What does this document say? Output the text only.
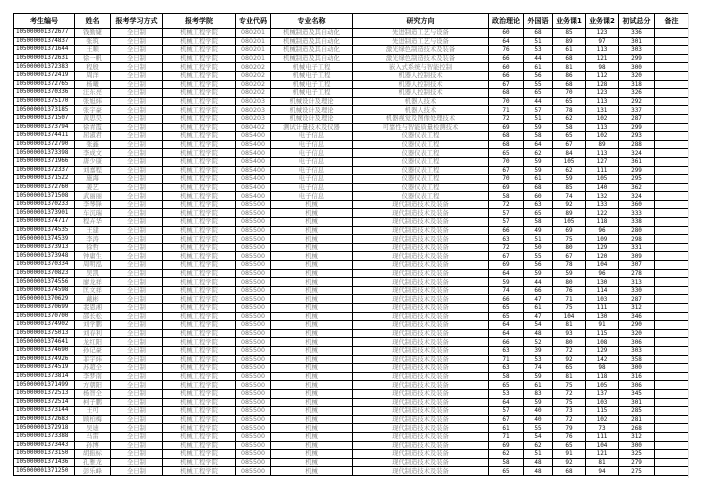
考生编号	姓名	报考学习方式	报考学院	专业代码	专业名称	研究方向	政治理论	外国语	业务课1	业务课2	初试总分	备注
105000001372677	钱勤婕	全日制	机械工程学院	080201	机械制造及其自动化	先进制造工艺与设备	60	68	85	123	336	
105000001374837	张筑	全日制	机械工程学院	080201	机械制造及其自动化	先进制造工艺与设备	64	51	89	97	301	
105000001371644	王顺	全日制	机械工程学院	080201	机械制造及其自动化	激光绿色制造技术及装备	76	53	61	113	303	
105000001372631	徐一帆	全日制	机械工程学院	080201	机械制造及其自动化	激光绿色制造技术及装备	66	44	68	121	299	
105000001372383	程殷	全日制	机械工程学院	080202	机械电子工程	嵌入式系统与智能控制	60	61	81	98	300	
105000001372419	周洋	全日制	机械工程学院	080202	机械电子工程	机器人控制技术	66	56	86	112	320	
105000001372765	杨曦	全日制	机械工程学院	080202	机械电子工程	机器人控制技术	67	55	68	128	318	
105000001370336	汪东亮	全日制	机械工程学院	080202	机械电子工程	机器人控制技术	68	65	70	123	326	
105000001375170	张旭炜	全日制	机械工程学院	080203	机械设计及理论	机器人技术	70	44	65	113	292	
105000001373185	张宇豪	全日制	机械工程学院	080203	机械设计及理论	机器人技术	71	57	78	131	337	
105000001371507	黄思昊	全日制	机械工程学院	080203	机械设计及理论	机器视觉及图像处理技术	72	51	62	102	287	
105000001373794	徐青霞	全日制	机械工程学院	080402	测试计量技术及仪器	可靠性与智能质量检测技术	69	59	58	113	299	
105000001374411	屈淑君	全日制	机械工程学院	085400	电子信息	仪器仪表工程	68	58	65	102	293	
105000001372790	张鑫	全日制	机械工程学院	085400	电子信息	仪器仪表工程	68	64	67	89	288	
105000001373398	李成文	全日制	机械工程学院	085400	电子信息	仪器仪表工程	65	62	84	113	324	
105000001371966	唐少康	全日制	机械工程学院	085400	电子信息	仪器仪表工程	70	59	105	127	361	
105000001372337	刘嘉程	全日制	机械工程学院	085400	电子信息	仪器仪表工程	67	59	62	111	299	
105000001371522	施海	全日制	机械工程学院	085400	电子信息	仪器仪表工程	70	61	59	105	295	
105000001372760	姜艺	全日制	机械工程学院	085400	电子信息	仪器仪表工程	69	68	85	140	362	
105000001371508	武丽丽	全日制	机械工程学院	085400	电子信息	仪器仪表工程	58	60	74	132	324	
105000001370233	李琴锋	全日制	机械工程学院	085500	机械	现代制造技术及装备	72	63	92	133	360	
105000001373901	车沉瑞	全日制	机械工程学院	085500	机械	现代制造技术及装备	57	65	89	122	333	
105000001374717	程卉华	全日制	机械工程学院	085500	机械	现代制造技术及装备	57	58	105	118	338	
105000001374535	王建	全日制	机械工程学院	085500	机械	现代制造技术及装备	66	49	69	96	280	
105000001374539	李涛	全日制	机械工程学院	085500	机械	现代制造技术及装备	63	51	75	109	298	
105000001373913	徐哲	全日制	机械工程学院	085500	机械	现代制造技术及装备	72	50	80	129	331	
105000001373948	钟庸生	全日制	机械工程学院	085500	机械	现代制造技术及装备	67	55	67	120	309	
105000001370334	周明泓	全日制	机械工程学院	085500	机械	现代制造技术及装备	69	56	78	104	307	
105000001370823	吴凯	全日制	机械工程学院	085500	机械	现代制造技术及装备	64	59	59	96	278	
105000001374556	廖龙祥	全日制	机械工程学院	085500	机械	现代制造技术及装备	59	44	80	130	313	
105000001374598	匡文祥	全日制	机械工程学院	085500	机械	现代制造技术及装备	74	66	76	114	330	
105000001370629	戴彬	全日制	机械工程学院	085500	机械	现代制造技术及装备	66	47	71	103	287	
105000001370699	裴恩湘	全日制	机械工程学院	085500	机械	现代制造技术及装备	65	61	75	111	312	
105000001370700	邵长松	全日制	机械工程学院	085500	机械	现代制造技术及装备	65	47	104	130	346	
105000001374902	刘学鹏	全日制	机械工程学院	085500	机械	现代制造技术及装备	64	54	81	91	290	
105000001375013	刘春利	全日制	机械工程学院	085500	机械	现代制造技术及装备	64	48	93	115	320	
105000001374641	龙红阳	全日制	机械工程学院	085500	机械	现代制造技术及装备	66	52	80	108	306	
105000001374690	孙记豪	全日制	机械工程学院	085500	机械	现代制造技术及装备	63	39	72	129	303	
105000001374926	菲宇炜	全日制	机械工程学院	085500	机械	现代制造技术及装备	71	53	92	142	358	
105000001374519	苏超全	全日制	机械工程学院	085500	机械	现代制造技术及装备	63	74	65	98	300	
105000001373814	李梦南	全日制	机械工程学院	085500	机械	现代制造技术及装备	58	59	81	118	316	
105000001371499	方朝阳	全日制	机械工程学院	085500	机械	现代制造技术及装备	65	61	75	105	306	
105000001372513	杨智全	全日制	机械工程学院	085500	机械	现代制造技术及装备	53	83	72	137	345	
105000001372514	柯子鹏	全日制	机械工程学院	085500	机械	现代制造技术及装备	64	59	75	103	301	
105000001373144	王可	全日制	机械工程学院	085500	机械	现代制造技术及装备	57	40	73	115	285	
105000001372683	顾柏梅	全日制	机械工程学院	085500	机械	现代制造技术及装备	67	40	72	102	281	
105000001372918	吴迪	全日制	机械工程学院	085500	机械	现代制造技术及装备	61	55	79	73	268	
105000001373388	马雷	全日制	机械工程学院	085500	机械	现代制造技术及装备	71	54	76	111	312	
105000001373443	孙博	全日制	机械工程学院	085500	机械	现代制造技术及装备	69	62	65	104	300	
105000001373150	胡振标	全日制	机械工程学院	085500	机械	现代制造技术及装备	62	51	91	121	325	
105000001371436	孔雅龙	全日制	机械工程学院	085500	机械	现代制造技术及装备	58	48	92	81	279	
105000001371250	彭乐峰	全日制	机械工程学院	085500	机械	现代制造技术及装备	65	48	68	94	275	
